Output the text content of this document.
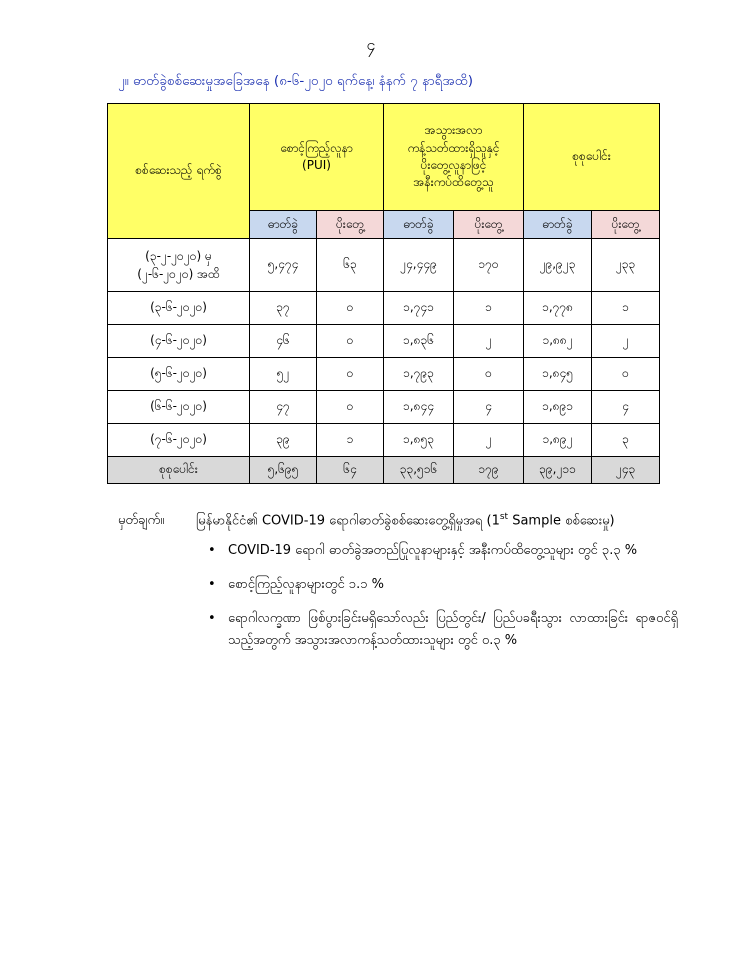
၄
၂။ ဓာတ်ခွဲစစ်ဆေးမှုအခြေအနေ (၈-၆-၂၀၂၀ ရက်နေ့၊ နံနက် ၇ နာရီအထိ)
စစ်ဆေးသည့် ရက်စွဲ	စောင့်ကြည့်လူနာ
(PUI)		အသွားအလာ
ကန့်သတ်ထားရှိသူနှင့်
ပိုးတွေ့လူနာဖြင့်
အနီးကပ်ထိတွေ့သူ		စုစုပေါင်း	
	ဓာတ်ခွဲ	ပိုးတွေ့	ဓာတ်ခွဲ	ပိုးတွေ့	ဓာတ်ခွဲ	ပိုးတွေ့
(၃-၂-၂၀၂၀) မှ
(၂-၆-၂၀၂၀) အထိ	၅,၄၇၄	၆၃	၂၄,၄၄၉	၁၇၀	၂၉,၉၂၃	၂၃၃
(၃-၆-၂၀၂၀)	၃၇	၀	၁,၇၄၁	၁	၁,၇၇၈	၁
(၄-၆-၂၀၂၀)	၄၆	၀	၁,၈၃၆	၂	၁,၈၈၂	၂
(၅-၆-၂၀၂၀)	၅၂	၀	၁,၇၉၃	၀	၁,၈၄၅	၀
(၆-၆-၂၀၂၀)	၄၇	၀	၁,၈၄၄	၄	၁,၈၉၁	၄
(၇-၆-၂၀၂၀)	၃၉	၁	၁,၈၅၃	၂	၁,၈၉၂	၃
စုစုပေါင်း	၅,၆၉၅	၆၄	၃၃,၅၁၆	၁၇၉	၃၉,၂၁၁	၂၄၃
မှတ်ချက်။ မြန်မာနိုင်ငံ၏ COVID-19 ရောဂါဓာတ်ခွဲစစ်ဆေးတွေ့ရှိမှုအရ (1st Sample စစ်ဆေးမှု)
• COVID-19 ရောဂါ ဓာတ်ခွဲအတည်ပြုလူနာများနှင့် အနီးကပ်ထိတွေ့သူများ တွင် ၃.၃ %
• စောင့်ကြည့်လူနာများတွင် ၁.၁ %
• ရောဂါလက္ခဏာ ဖြစ်ပွားခြင်းမရှိသော်လည်း ပြည်တွင်း/ ပြည်ပခရီးသွား လာထားခြင်း ရာဇဝင်ရှိသည့်အတွက် အသွားအလာကန့်သတ်ထားသူများ တွင် ၀.၃ %
